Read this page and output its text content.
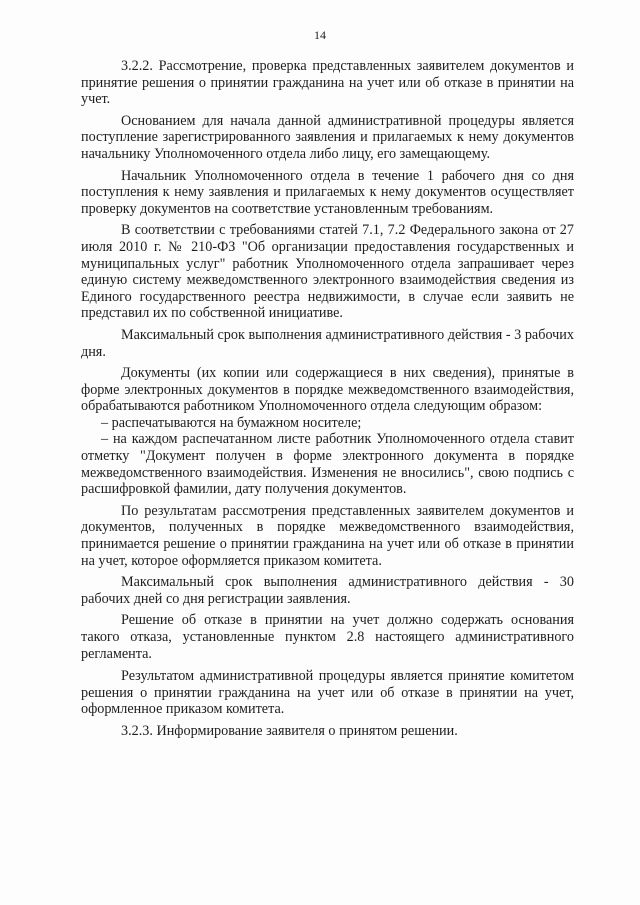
14

3.2.2. Рассмотрение, проверка представленных заявителем документов и принятие решения о принятии гражданина на учет или об отказе в принятии на учет.

Основанием для начала данной административной процедуры является поступление зарегистрированного заявления и прилагаемых к нему документов начальнику Уполномоченного отдела либо лицу, его замещающему.

Начальник Уполномоченного отдела в течение 1 рабочего дня со дня поступления к нему заявления и прилагаемых к нему документов осуществляет проверку документов на соответствие установленным требованиям.

В соответствии с требованиями статей 7.1, 7.2 Федерального закона от 27 июля 2010 г. № 210-ФЗ "Об организации предоставления государственных и муниципальных услуг" работник Уполномоченного отдела запрашивает через единую систему межведомственного электронного взаимодействия сведения из Единого государственного реестра недвижимости, в случае если заявить не представил их по собственной инициативе.

Максимальный срок выполнения административного действия - 3 рабочих дня.

Документы (их копии или содержащиеся в них сведения), принятые в форме электронных документов в порядке межведомственного взаимодействия, обрабатываются работником Уполномоченного отдела следующим образом:

– распечатываются на бумажном носителе;

– на каждом распечатанном листе работник Уполномоченного отдела ставит отметку "Документ получен в форме электронного документа в порядке межведомственного взаимодействия. Изменения не вносились", свою подпись с расшифровкой фамилии, дату получения документов.

По результатам рассмотрения представленных заявителем документов и документов, полученных в порядке межведомственного взаимодействия, принимается решение о принятии гражданина на учет или об отказе в принятии на учет, которое оформляется приказом комитета.

Максимальный срок выполнения административного действия - 30 рабочих дней со дня регистрации заявления.

Решение об отказе в принятии на учет должно содержать основания такого отказа, установленные пунктом 2.8 настоящего административного регламента.

Результатом административной процедуры является принятие комитетом решения о принятии гражданина на учет или об отказе в принятии на учет, оформленное приказом комитета.

3.2.3. Информирование заявителя о принятом решении.
